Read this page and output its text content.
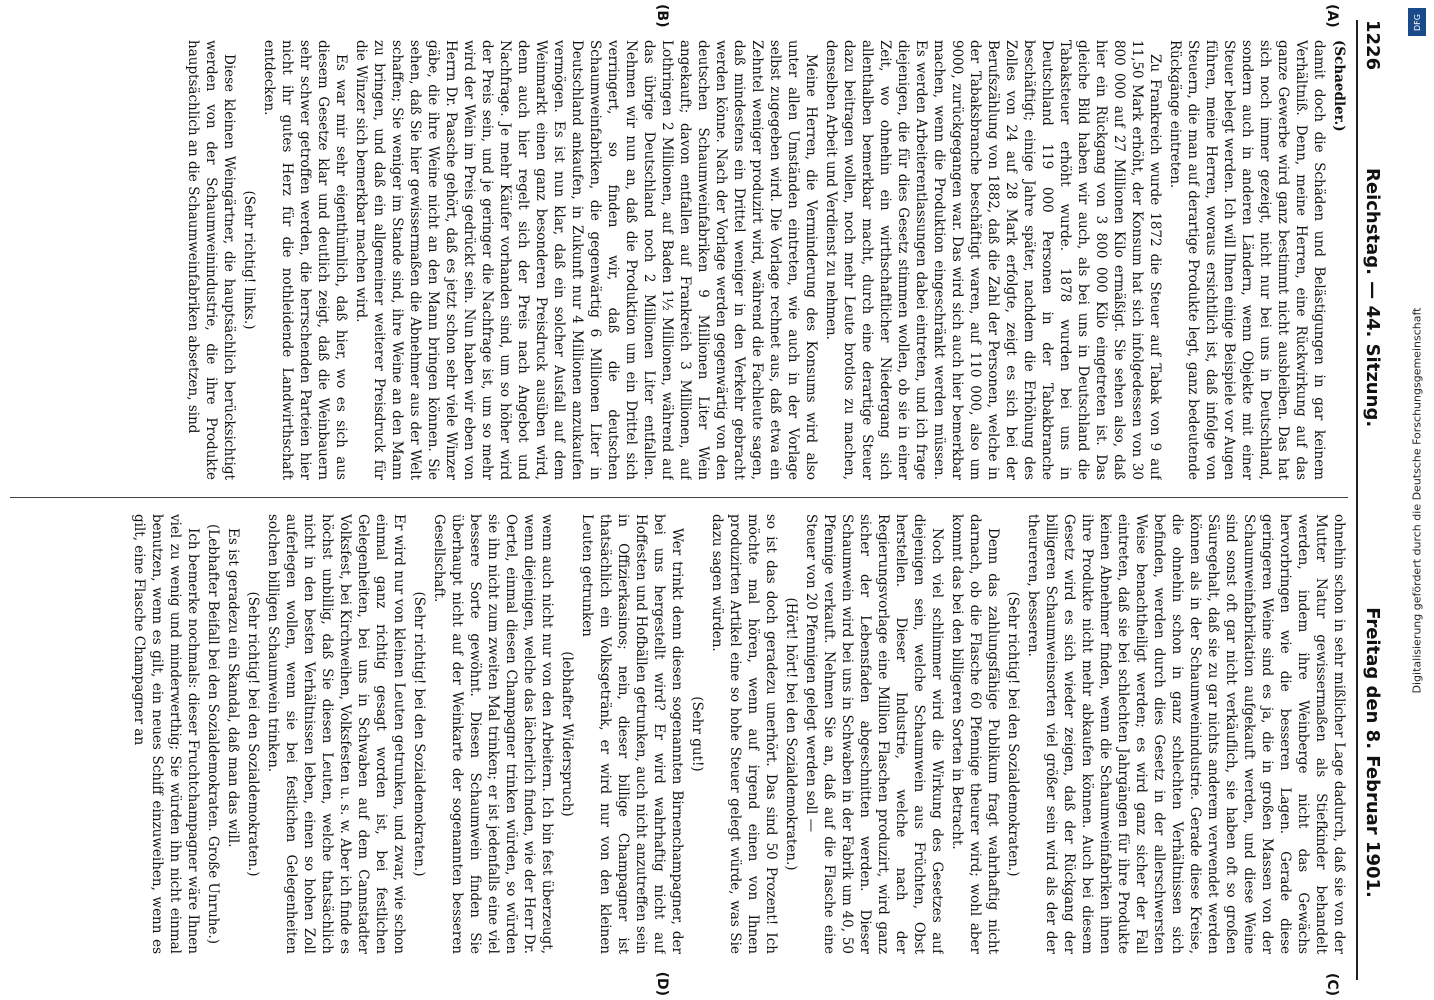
1226
Reichstag. — 44. Sitzung.
Freitag den 8. Februar 1901.
(A)
(B)
(C)
(D)

(Schaedler.)

damit doch die Schäden und Belästigungen in gar keinem Verhältniß. Denn, meine Herren, eine Rückwirkung auf das ganze Gewerbe wird ganz bestimmt nicht ausbleiben. Das hat sich noch immer gezeigt, nicht nur bei uns in Deutschland, sondern auch in anderen Ländern, wenn Objekte mit einer Steuer belegt werden. Ich will Ihnen einige Beispiele vor Augen führen, meine Herren, woraus ersichtlich ist, daß infolge von Steuern, die man auf derartige Produkte legt, ganz bedeutende Rückgänge eintreten.

Zu Frankreich wurde 1872 die Steuer auf Tabak von 9 auf 11,50 Mark erhöht, der Konsum hat sich infolgedessen von 30 800 000 auf 27 Millionen Kilo ermäßigt. Sie sehen also, daß hier ein Rückgang von 3 800 000 Kilo eingetreten ist. Das gleiche Bild haben wir auch, als bei uns in Deutschland die Tabaksteuer erhöht wurde. 1878 wurden bei uns in Deutschland 119 000 Personen in der Tabakbranche beschäftigt; einige Jahre später, nachdem die Erhöhung des Zolles von 24 auf 28 Mark erfolgte, zeigt es sich bei der Berufszählung von 1882, daß die Zahl der Personen, welche in der Tabaksbranche beschäftigt waren, auf 110 000, also um 9000, zurückgegangen war. Das wird sich auch hier bemerkbar machen, wenn die Produktion eingeschränkt werden müssen. Es werden Arbeiterentlassungen dabei eintreten, und ich frage diejenigen, die für dies Gesetz stimmen wollen, ob sie in einer Zeit, wo ohnehin ein wirthschaftlicher Niedergang sich allenthalben bemerkbar macht, durch eine derartige Steuer dazu beitragen wollen, noch mehr Leute brotlos zu machen, denselben Arbeit und Verdienst zu nehmen.

Meine Herren, die Verminderung des Konsums wird also unter allen Umständen eintreten, wie auch in der Vorlage selbst zugegeben wird. Die Vorlage rechnet aus, daß etwa ein Zehntel weniger produzirt wird, während die Fachleute sagen, daß mindestens ein Drittel weniger in den Verkehr gebracht werden könne. Nach der Vorlage werden gegenwärtig von den deutschen Schaumweinfabriken 9 Millionen Liter Wein angekauft; davon entfallen auf Frankreich 3 Millionen, auf Lothringen 2 Millionen, auf Baden 1½ Millionen, während auf das übrige Deutschland noch 2 Millionen Liter entfallen. Nehmen wir nun an, daß die Produktion um ein Drittel sich verringert, so finden wir, daß die deutschen Schaumweinfabriken, die gegenwärtig 6 Millionen Liter in Deutschland ankaufen, in Zukunft nur 4 Millionen anzukaufen vermögen. Es ist nun klar, daß ein solcher Ausfall auf dem Weinmarkt einen ganz besonderen Preisdruck ausüben wird, denn auch hier regelt sich der Preis nach Angebot und Nachfrage. Je mehr Käufer vorhanden sind, um so höher wird der Preis sein, und je geringer die Nachfrage ist, um so mehr wird der Wein im Preis gedrückt sein. Nun haben wir eben von Herrn Dr. Paasche gehört, daß es jetzt schon sehr viele Winzer gäbe, die ihre Weine nicht an den Mann bringen können. Sie sehen, daß Sie hier gewissermaßen die Abnehmer aus der Welt schaffen; Sie weniger im Stande sind, ihre Weine an den Mann zu bringen, und daß ein allgemeiner weiterer Preisdruck für die Winzer sich bemerkbar machen wird.

Es war mir sehr eigenthümlich, daß hier, wo es sich aus diesem Gesetze klar und deutlich zeigt, daß die Weinbauern sehr schwer getroffen werden, die herrschenden Parteien hier nicht ihr gutes Herz für die nothleidende Landwirthschaft entdecken.

(Sehr richtig! links.)

Diese kleinen Weingärtner, die hauptsächlich berücksichtigt werden von der Schaumweinindustrie, die ihre Produkte hauptsächlich an die Schaumweinfabriken absetzen, sind

ohnehin schon in sehr mißlicher Lage dadurch, daß sie von der Mutter Natur gewissermaßen als Stiefkinder behandelt werden, indem ihre Weinberge nicht das Gewächs hervorbringen wie die besseren Lagen. Gerade diese geringeren Weine sind es ja, die in großen Massen von der Schaumweinfabrikation aufgekauft werden, und diese Weine sind sonst oft gar nicht verkäuflich, sie haben oft so großen Säuregehalt, daß sie zu gar nichts anderem verwendet werden können als in der Schaumweinindustrie. Gerade diese Kreise, die ohnehin schon in ganz schlechten Verhältnissen sich befinden, werden durch dies Gesetz in der allerschwersten Weise benachtheiligt werden; es wird ganz sicher der Fall eintreten, daß sie bei schlechten Jahrgängen für ihre Produkte keinen Abnehmer finden, wenn die Schaumweinfabriken ihnen ihre Produkte nicht mehr abkaufen können. Auch bei diesem Gesetz wird es sich wieder zeigen, daß der Rückgang der billigeren Schaumweinsorten viel größer sein wird als der der theureren, besseren.

(Sehr richtig! bei den Sozialdemokraten.)

Denn das zahlungsfähige Publikum fragt wahrhaftig nicht darnach, ob die Flasche 60 Pfennige theurer wird; wohl aber kommt das bei den billigeren Sorten in Betracht.

Noch viel schlimmer wird die Wirkung des Gesetzes auf diejenigen sein, welche Schaumwein aus Früchten, Obst herstellen. Dieser Industrie, welche nach der Regierungsvorlage eine Million Flaschen produzirt, wird ganz sicher der Lebensfaden abgeschnitten werden. Dieser Schaumwein wird bei uns in Schwaben in der Fabrik um 40, 50 Pfennige verkauft. Nehmen Sie an, daß auf die Flasche eine Steuer von 20 Pfennigen gelegt werden soll —

(Hört! hört! bei den Sozialdemokraten.)

so ist das doch geradezu unerhört. Das sind 50 Prozent! Ich möchte mal hören, wenn auf irgend einen von Ihnen produzirten Artikel eine so hohe Steuer gelegt würde, was Sie dazu sagen würden.

(Sehr gut!)

Wer trinkt denn diesen sogenannten Birnenchampagner, der bei uns hergestellt wird? Er wird wahrhaftig nicht auf Hoffesten und Hofbällen getrunken, auch nicht anzutreffen sein in Offizierkasinos; nein, dieser billige Champagner ist thatsächlich ein Volksgetränk, er wird nur von den kleinen Leuten getrunken

(lebhafter Widerspruch)

wenn auch nicht nur von den Arbeitern. Ich bin fest überzeugt, wenn diejenigen, welche das lächerlich finden, wie der Herr Dr. Oertel, einmal diesen Champagner trinken würden, so würden sie ihn nicht zum zweiten Mal trinken; er ist jedenfalls eine viel bessere Sorte gewöhnt. Diesen Schaumwein finden Sie überhaupt nicht auf der Weinkarte der sogenannten besseren Gesellschaft.

(Sehr richtig! bei den Sozialdemokraten.)

Er wird nur von kleinen Leuten getrunken, und zwar, wie schon einmal ganz richtig gesagt worden ist, bei festlichen Gelegenheiten, bei uns in Schwaben auf dem Cannstadter Volksfest, bei Kirchweihen, Volksfesten u. s. w. Aber ich finde es höchst unbillig, daß Sie diesen Leuten, welche thatsächlich nicht in den besten Verhältnissen leben, einen so hohen Zoll auferlegen wollen, wenn sie bei festlichen Gelegenheiten solchen billigen Schaumwein trinken.

(Sehr richtig! bei den Sozialdemokraten.)

Es ist geradezu ein Skandal, daß man das will.

(Lebhafter Beifall bei den Sozialdemokraten. Große Unruhe.)

Ich bemerke nochmals: dieser Fruchtchampagner wäre Ihnen viel zu wenig und minderwerthig; Sie würden ihn nicht einmal benutzen, wenn es gilt, ein neues Schiff einzuweihen, wenn es gilt, eine Flasche Champagner an	Digitalisierung gefördert durch die Deutsche Forschungsgemeinschaft
DFG
